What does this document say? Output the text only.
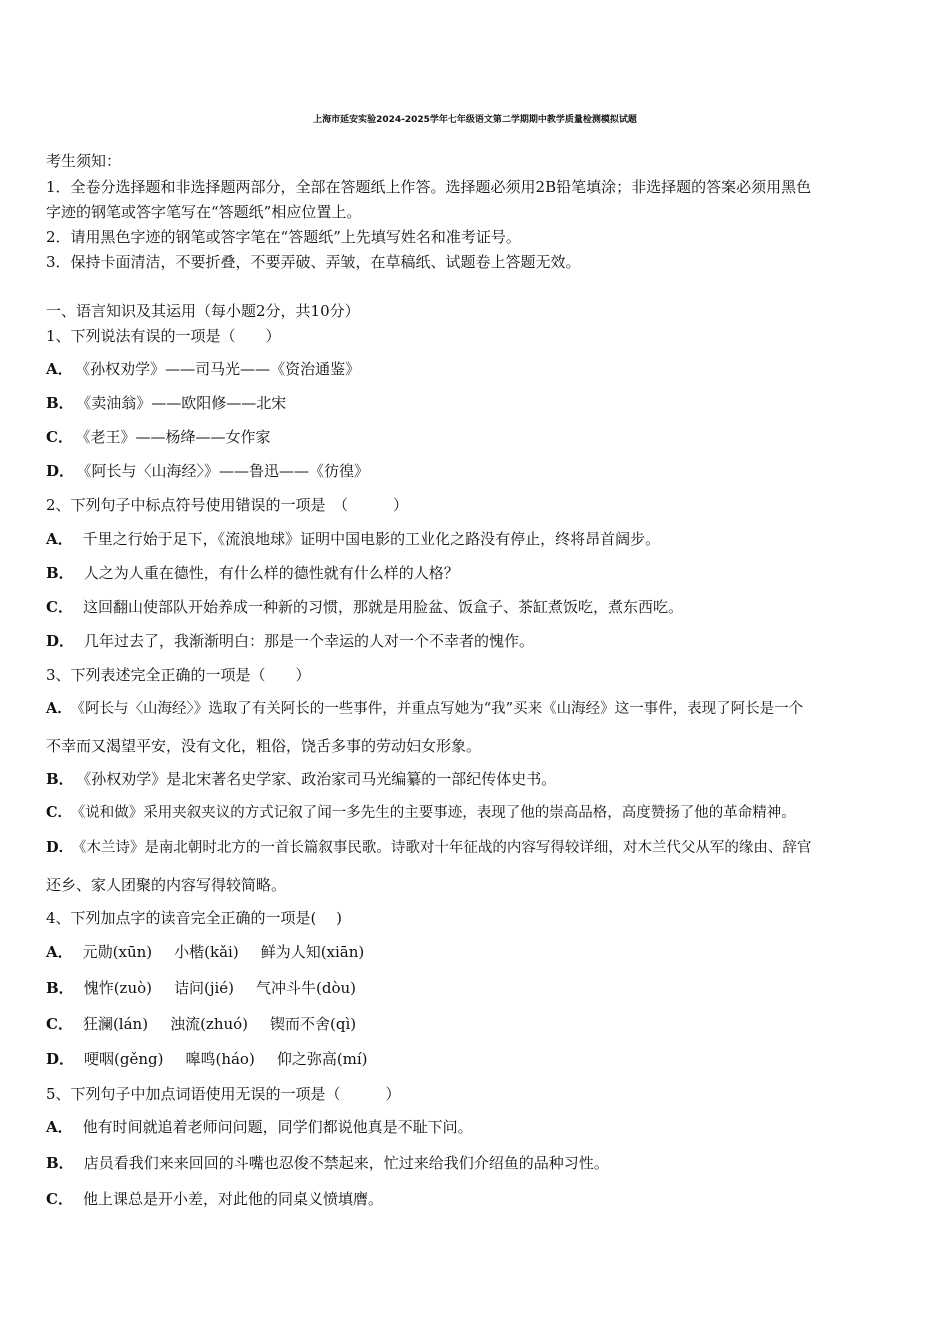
上海市延安实验2024-2025学年七年级语文第二学期期中教学质量检测模拟试题
考生须知：
1．全卷分选择题和非选择题两部分，全部在答题纸上作答。选择题必须用2B铅笔填涂；非选择题的答案必须用黑色
字迹的钢笔或答字笔写在“答题纸”相应位置上。
2．请用黑色字迹的钢笔或答字笔在“答题纸”上先填写姓名和准考证号。
3．保持卡面清洁，不要折叠，不要弄破、弄皱，在草稿纸、试题卷上答题无效。
一、语言知识及其运用（每小题2分，共10分）
1、下列说法有误的一项是（　　）
A． 《孙权劝学》——司马光——《资治通鉴》
B． 《卖油翁》——欧阳修——北宋
C． 《老王》——杨绛——女作家
D． 《阿长与〈山海经〉》——鲁迅——《彷徨》
2、下列句子中标点符号使用错误的一项是　（　　　）
A． 千里之行始于足下，《流浪地球》证明中国电影的工业化之路没有停止，终将昂首阔步。
B． 人之为人重在德性，有什么样的德性就有什么样的人格？
C． 这回翻山使部队开始养成一种新的习惯，那就是用脸盆、饭盒子、茶缸煮饭吃，煮东西吃。
D． 几年过去了，我渐渐明白：那是一个幸运的人对一个不幸者的愧作。
3、下列表述完全正确的一项是（　　）
A． 《阿长与〈山海经〉》选取了有关阿长的一些事件，并重点写她为“我”买来《山海经》这一事件，表现了阿长是一个
不幸而又渴望平安，没有文化，粗俗，饶舌多事的劳动妇女形象。
B． 《孙权劝学》是北宋著名史学家、政治家司马光编纂的一部纪传体史书。
C． 《说和做》采用夹叙夹议的方式记叙了闻一多先生的主要事迹，表现了他的崇高品格，高度赞扬了他的革命精神。
D． 《木兰诗》是南北朝时北方的一首长篇叙事民歌。诗歌对十年征战的内容写得较详细，对木兰代父从军的缘由、辞官
还乡、家人团聚的内容写得较简略。
4、下列加点字的读音完全正确的一项是(　 )
A． 元勋(xūn) 小楷(kǎi) 鲜为人知(xiān)
B． 愧怍(zuò) 诘问(jié) 气冲斗牛(dòu)
C． 狂澜(lán) 浊流(zhuó) 锲而不舍(qì)
D． 哽咽(gěng) 嗥鸣(háo) 仰之弥高(mí)
5、下列句子中加点词语使用无误的一项是（　　　）
A． 他有时间就追着老师问问题，同学们都说他真是不耻下问。
B． 店员看我们来来回回的斗嘴也忍俊不禁起来，忙过来给我们介绍鱼的品种习性。
C． 他上课总是开小差，对此他的同桌义愤填膺。
